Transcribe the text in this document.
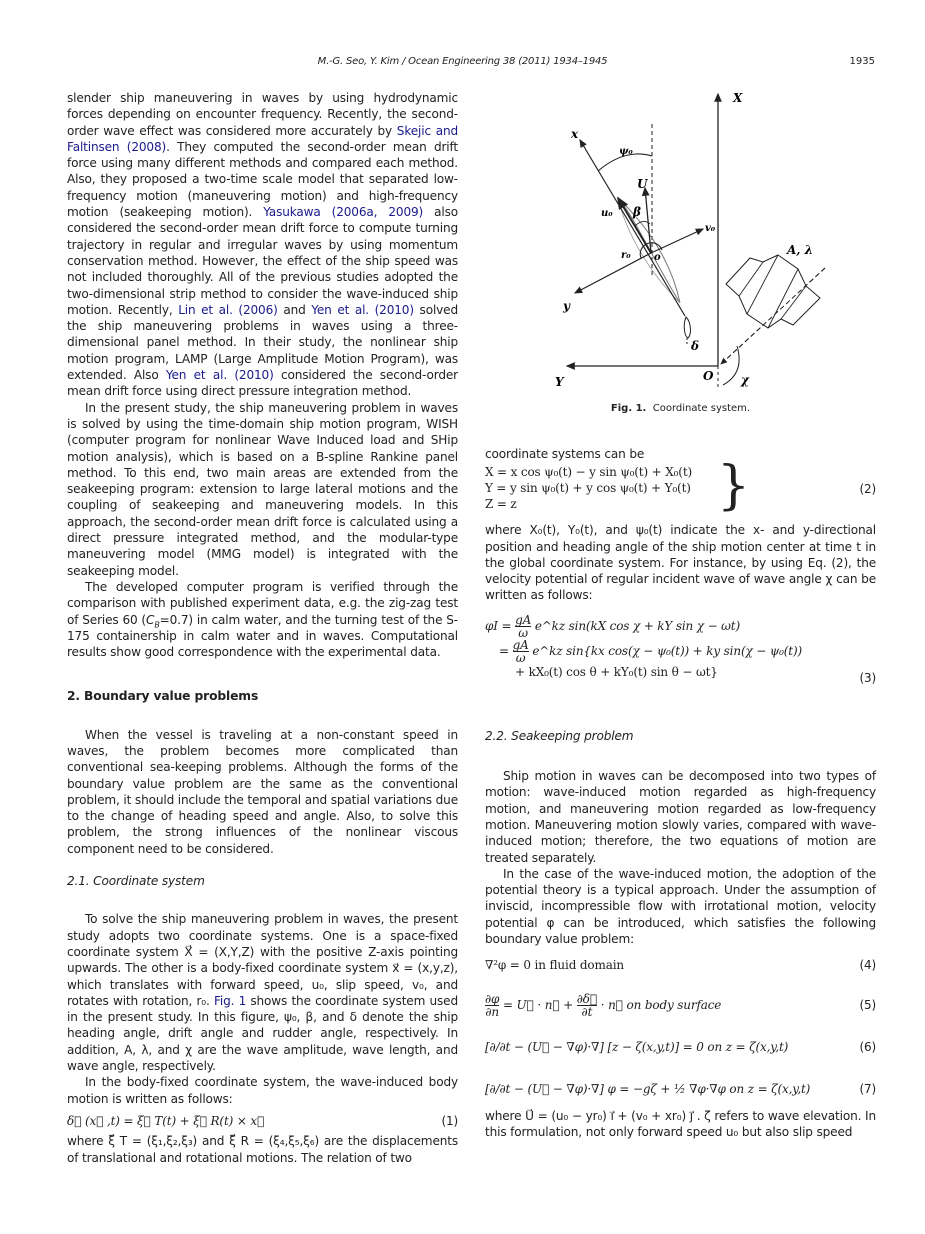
M.-G. Seo, Y. Kim / Ocean Engineering 38 (2011) 1934–1945	1935

slender ship maneuvering in waves by using hydrodynamic forces depending on encounter frequency. Recently, the second-order wave effect was considered more accurately by Skejic and Faltinsen (2008). They computed the second-order mean drift force using many different methods and compared each method. Also, they proposed a two-time scale model that separated low-frequency motion (maneuvering motion) and high-frequency motion (seakeeping motion). Yasukawa (2006a, 2009) also considered the second-order mean drift force to compute turning trajectory in regular and irregular waves by using momentum conservation method. However, the effect of the ship speed was not included thoroughly. All of the previous studies adopted the two-dimensional strip method to consider the wave-induced ship motion. Recently, Lin et al. (2006) and Yen et al. (2010) solved the ship maneuvering problems in waves using a three-dimensional panel method. In their study, the nonlinear ship motion program, LAMP (Large Amplitude Motion Program), was extended. Also Yen et al. (2010) considered the second-order mean drift force using direct pressure integration method.

In the present study, the ship maneuvering problem in waves is solved by using the time-domain ship motion program, WISH (computer program for nonlinear Wave Induced load and SHip motion analysis), which is based on a B-spline Rankine panel method. To this end, two main areas are extended from the seakeeping program: extension to large lateral motions and the coupling of seakeeping and maneuvering models. In this approach, the second-order mean drift force is calculated using a direct pressure integrated method, and the modular-type maneuvering model (MMG model) is integrated with the seakeeping model.

The developed computer program is verified through the comparison with published experiment data, e.g. the zig-zag test of Series 60 $(C_B=0.7)$ in calm water, and the turning test of the S-175 containership in calm water and in waves. Computational results show good correspondence with the experimental data.

2. Boundary value problems

When the vessel is traveling at a non-constant speed in waves, the problem becomes more complicated than conventional sea-keeping problems. Although the forms of the boundary value problem are the same as the conventional problem, it should include the temporal and spatial variations due to the change of heading speed and angle. Also, to solve this problem, the strong influences of the nonlinear viscous component need to be considered.

2.1. Coordinate system

To solve the ship maneuvering problem in waves, the present study adopts two coordinate systems. One is a space-fixed coordinate system X⃗ = (X,Y,Z) with the positive Z-axis pointing upwards. The other is a body-fixed coordinate system x⃗ = (x,y,z), which translates with forward speed, u₀, slip speed, v₀, and rotates with rotation, r₀. Fig. 1 shows the coordinate system used in the present study. In this figure, ψ₀, β, and δ denote the ship heading angle, drift angle and rudder angle, respectively. In addition, A, λ, and χ are the wave amplitude, wave length, and wave angle, respectively.

In the body-fixed coordinate system, the wave-induced body motion is written as follows:

δ⃗ (x⃗ ,t) = ξ⃗ T(t) + ξ⃗ R(t) × x⃗	(1)

where ξ⃗ T = (ξ₁,ξ₂,ξ₃) and ξ⃗ R = (ξ₄,ξ₅,ξ₆) are the displacements of translational and rotational motions. The relation of two

X
Y	O
x
y
v₀
U
u₀
ψ₀
β
r₀ o
δ
A, λ
χ
Fig. 1. Coordinate system.

coordinate systems can be

X = x cos ψ₀(t) − y sin ψ₀(t) + X₀(t)
Y = y sin ψ₀(t) + y cos ψ₀(t) + Y₀(t)
Z = z	}	(2)

where X₀(t), Y₀(t), and ψ₀(t) indicate the x- and y-directional position and heading angle of the ship motion center at time t in the global coordinate system. For instance, by using Eq. (2), the velocity potential of regular incident wave of wave angle χ can be written as follows:

$\varphi I = \frac{gA}{\omega}$ e^kz sin(kX cos χ + kY sin χ − ωt)
= $\frac{gA}{\omega}$ e^kz sin{kx cos(χ − ψ₀(t)) + ky sin(χ − ψ₀(t))
+ kX₀(t) cos θ + kY₀(t) sin θ − ωt}	(3)
2.2. Seakeeping problem

Ship motion in waves can be decomposed into two types of motion: wave-induced motion regarded as high-frequency motion, and maneuvering motion regarded as low-frequency motion. Maneuvering motion slowly varies, compared with wave-induced motion; therefore, the two equations of motion are treated separately.

In the case of the wave-induced motion, the adoption of the potential theory is a typical approach. Under the assumption of inviscid, incompressible flow with irrotational motion, velocity potential φ can be introduced, which satisfies the following boundary value problem:

∇²φ = 0 in fluid domain	(4)
$\frac{\partial\varphi}{\partial n}$ = U⃗ · n⃗ + $\frac{\partial\delta⃗}{\partial t}$ · n⃗ on body surface	(5)
[∂/∂t − (U⃗ − ∇φ)·∇] [z − ζ(x,y,t)] = 0 on z = ζ(x,y,t)	(6)
[∂/∂t − (U⃗ − ∇φ)·∇] φ = −gζ + ½ ∇φ·∇φ on z = ζ(x,y,t)	(7)

where U⃗ = (u₀ − yr₀) i⃗ + (v₀ + xr₀) j⃗ . ζ refers to wave elevation. In this formulation, not only forward speed u₀ but also slip speed
